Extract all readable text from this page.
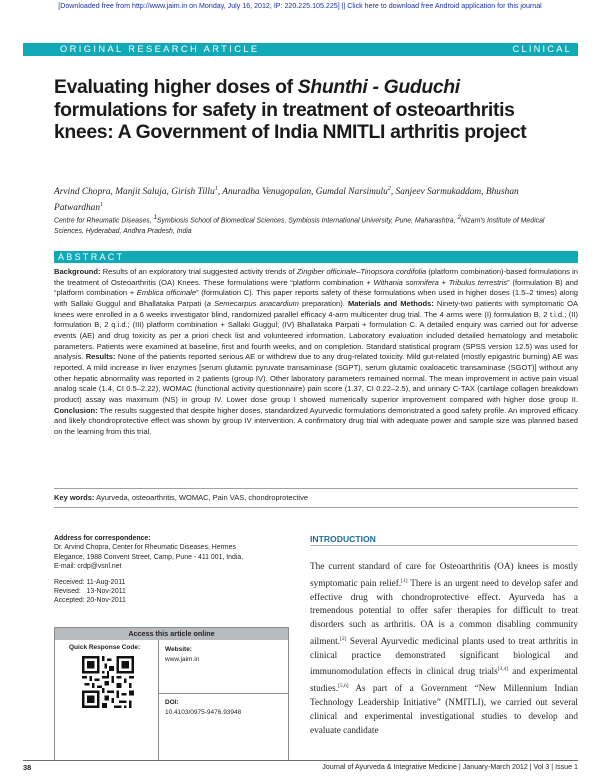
[Downloaded free from http://www.jaim.in on Monday, July 16, 2012, IP: 220.225.105.225] || Click here to download free Android application for this journal
ORIGINAL RESEARCH ARTICLE	CLINICAL
Evaluating higher doses of Shunthi - Guduchi formulations for safety in treatment of osteoarthritis knees: A Government of India NMITLI arthritis project
Arvind Chopra, Manjit Saluja, Girish Tillu$^1$, Anuradha Venugopalan, Gumdal Narsimulu$^2$, Sanjeev Sarmukaddam, Bhushan Patwardhan$^1$
Centre for Rheumatic Diseases, $^1$Symbiosis School of Biomedical Sciences, Symbiosis International University, Pune, Maharashtra, $^2$Nizam's Institute of Medical Sciences, Hyderabad, Andhra Pradesh, India
ABSTRACT

Background: Results of an exploratory trial suggested activity trends of Zingiber officinale–Tinopsora cordifolia (platform combination)-based formulations in the treatment of Osteoarthritis (OA) Knees. These formulations were “platform combination + Withania somnifera + Tribulus terrestris” (formulation B) and “platform combination + Emblica officinale” (formulation C). This paper reports safety of these formulations when used in higher doses (1.5–2 times) along with Sallaki Guggul and Bhallataka Parpati (a Semecarpus anacardium preparation). Materials and Methods: Ninety-two patients with symptomatic OA knees were enrolled in a 6 weeks investigator blind, randomized parallel efficacy 4-arm multicenter drug trial. The 4 arms were (I) formulation B, 2 t.i.d.; (II) formulation B, 2 q.i.d.; (III) platform combination + Sallaki Guggul; (IV) Bhallataka Parpati + formulation C. A detailed enquiry was carried out for adverse events (AE) and drug toxicity as per a priori check list and volunteered information. Laboratory evaluation included detailed hematology and metabolic parameters. Patients were examined at baseline, first and fourth weeks, and on completion. Standard statistical program (SPSS version 12.5) was used for analysis. Results: None of the patients reported serious AE or withdrew due to any drug-related toxicity. Mild gut-related (mostly epigastric burning) AE was reported. A mild increase in liver enzymes [serum glutamic pyruvate transaminase (SGPT), serum glutamic oxaloacetic transaminase (SGOT)] without any other hepatic abnormality was reported in 2 patients (group IV). Other laboratory parameters remained normal. The mean improvement in active pain visual analog scale (1.4, CI 0.5–2.22), WOMAC (functional activity questionnaire) pain score (1.37, CI 0.22–2.5), and urinary C-TAX (cartilage collagen breakdown product) assay was maximum (NS) in group IV. Lower dose group I showed numerically superior improvement compared with higher dose group II. Conclusion: The results suggested that despite higher doses, standardized Ayurvedic formulations demonstrated a good safety profile. An improved efficacy and likely chondroprotective effect was shown by group IV intervention. A confirmatory drug trial with adequate power and sample size was planned based on the learning from this trial.

Key words: Ayurveda, osteoarthritis, WOMAC, Pain VAS, chondroprotective
Address for correspondence:
Dr. Arvind Chopra, Center for Rheumatic Diseases, Hermes
Elegance, 1988 Convent Street, Camp, Pune - 411 001, India.
E-mail: crdp@vsnl.net
Received: 11-Aug-2011
Revised:   13-Nov-2011
Accepted: 20-Nov-2011
Access this article online
Quick Response Code:	Website:
www.jaim.in
DOI:
10.4103/0975-9476.93948
INTRODUCTION

The current standard of care for Osteoarthritis (OA) knees is mostly symptomatic pain relief.[1] There is an urgent need to develop safer and effective drug with chondroprotective effect. Ayurveda has a tremendous potential to offer safer therapies for difficult to treat disorders such as arthritis. OA is a common disabling community ailment.[2] Several Ayurvedic medicinal plants used to treat arthritis in clinical practice demonstrated significant biological and immunomodulation effects in clinical drug trials[3,4] and experimental studies.[5,6] As part of a Government “New Millennium Indian Technology Leadership Initiative” (NMITLI), we carried out several clinical and experimental investigational studies to develop and evaluate candidate

38	Journal of Ayurveda & Integrative Medicine | January-March 2012 | Vol 3 | Issue 1
